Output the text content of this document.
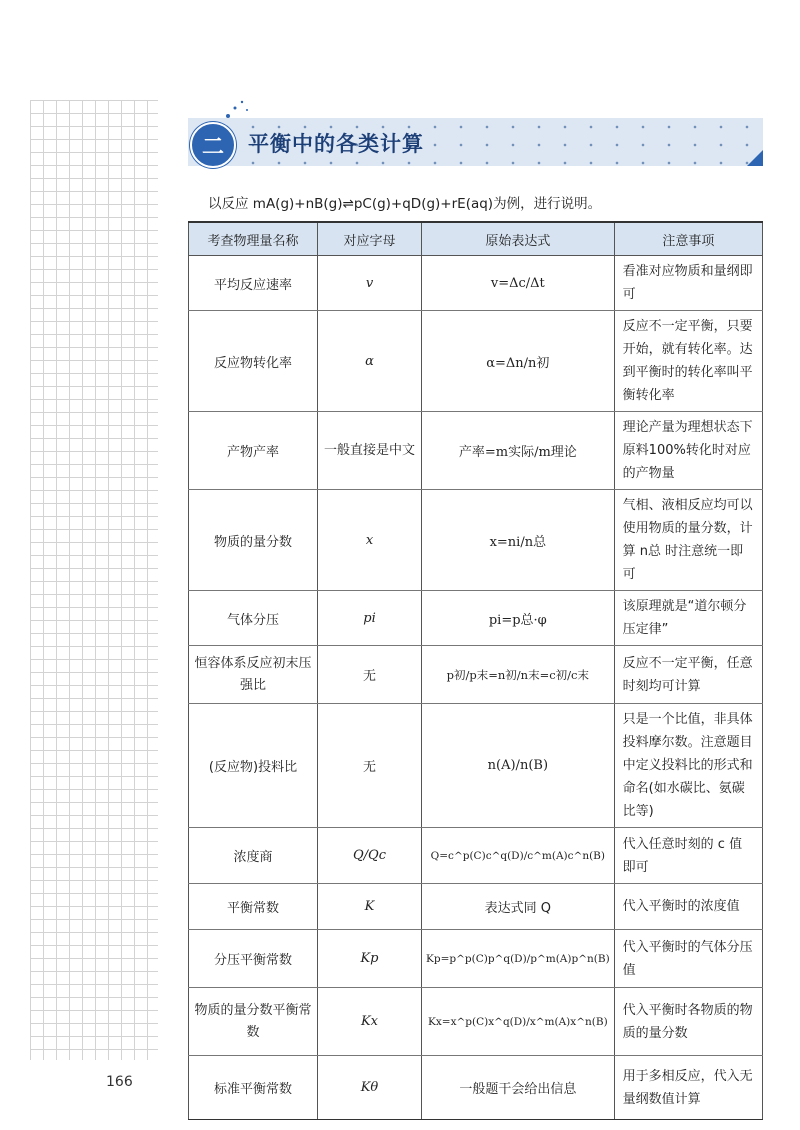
二	平衡中的各类计算
以反应 mA(g)+nB(g)⇌pC(g)+qD(g)+rE(aq)为例，进行说明。
考查物理量名称	对应字母	原始表达式	注意事项
平均反应速率	v	v=Δc/Δt	看准对应物质和量纲即可
反应物转化率	α	α=Δn/n初	反应不一定平衡，只要开始，就有转化率。达到平衡时的转化率叫平衡转化率
产物产率	一般直接是中文	产率=m实际/m理论	理论产量为理想状态下原料100%转化时对应的产物量
物质的量分数	x	x=ni/n总	气相、液相反应均可以使用物质的量分数，计算 n总 时注意统一即可
气体分压	pi	pi=p总·φ	该原理就是“道尔顿分压定律”
恒容体系反应初末压强比	无	p初/p末=n初/n末=c初/c末	反应不一定平衡，任意时刻均可计算
(反应物)投料比	无	n(A)/n(B)	只是一个比值，非具体投料摩尔数。注意题目中定义投料比的形式和命名(如水碳比、氨碳比等)
浓度商	Q/Qc	Q=c^p(C)c^q(D)/c^m(A)c^n(B)	代入任意时刻的 c 值即可
平衡常数	K	表达式同 Q	代入平衡时的浓度值
分压平衡常数	Kp	Kp=p^p(C)p^q(D)/p^m(A)p^n(B)	代入平衡时的气体分压值
物质的量分数平衡常数	Kx	Kx=x^p(C)x^q(D)/x^m(A)x^n(B)	代入平衡时各物质的物质的量分数
标准平衡常数	Kθ	一般题干会给出信息	用于多相反应，代入无量纲数值计算
166
